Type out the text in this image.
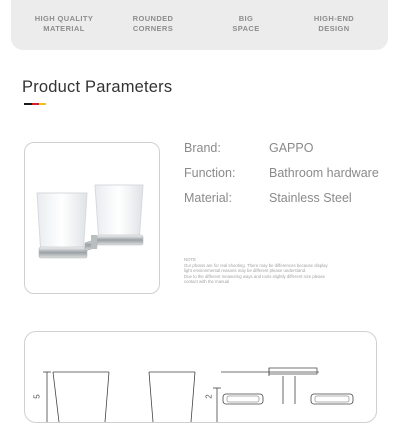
HIGH QUALITY
MATERIAL
ROUNDED
CORNERS
BIG
SPACE
HIGH-END
DESIGN
Product Parameters
Brand:	GAPPO
Function:	Bathroom hardware
Material:	Stainless Steel
NOTE
Our photos are for real shooting. There may be differences because display
light environmental reasons may be different please understand.
Due to the different measuring ways and tools slightly different size please
contact with the manual
5	2
